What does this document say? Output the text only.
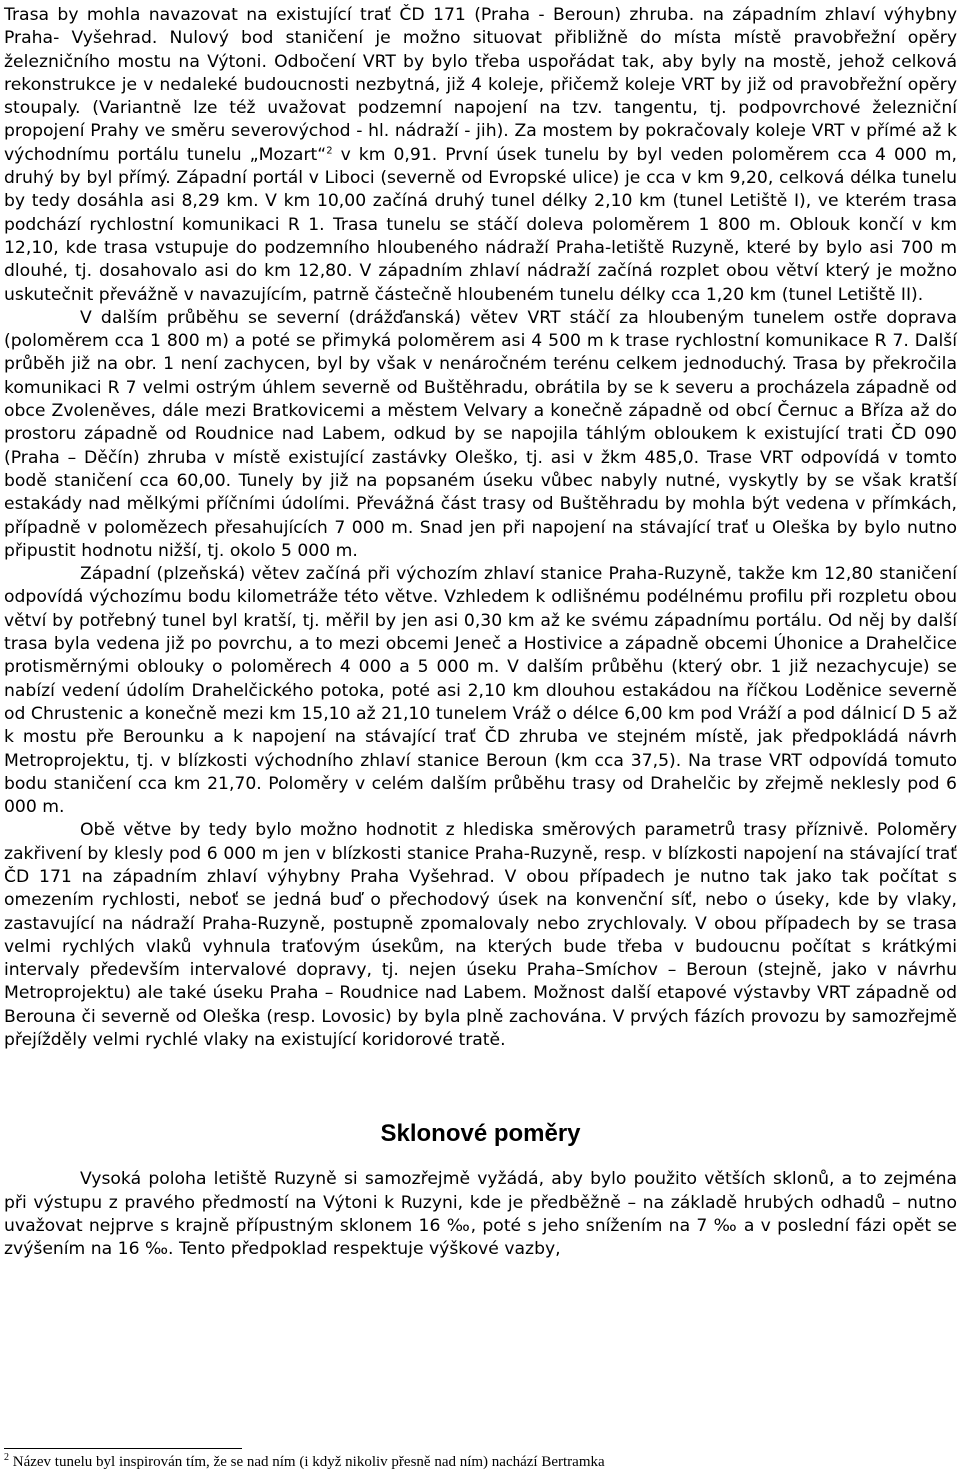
Trasa by mohla navazovat na existující trať ČD 171 (Praha - Beroun) zhruba. na západním zhlaví výhybny Praha- Vyšehrad. Nulový bod staničení je možno situovat přibližně do místa místě pravobřežní opěry železničního mostu na Výtoni. Odbočení VRT by bylo třeba uspořádat tak, aby byly na mostě, jehož celková rekonstrukce je v nedaleké budoucnosti nezbytná, již 4 koleje, přičemž koleje VRT by již od pravobřežní opěry stoupaly. (Variantně lze též uvažovat podzemní napojení na tzv. tangentu, tj. podpovrchové železniční propojení Prahy ve směru severovýchod - hl. nádraží - jih). Za mostem by pokračovaly koleje VRT v přímé až k východnímu portálu tunelu „Mozart“$^2$ v km 0,91. První úsek tunelu by byl veden poloměrem cca 4 000 m, druhý by byl přímý. Západní portál v Liboci (severně od Evropské ulice) je cca v km 9,20, celková délka tunelu by tedy dosáhla asi 8,29 km. V km 10,00 začíná druhý tunel délky 2,10 km (tunel Letiště I), ve kterém trasa podchází rychlostní komunikaci R 1. Trasa tunelu se stáčí doleva poloměrem 1 800 m. Oblouk končí v km 12,10, kde trasa vstupuje do podzemního hloubeného nádraží Praha-letiště Ruzyně, které by bylo asi 700 m dlouhé, tj. dosahovalo asi do km 12,80. V západním zhlaví nádraží začíná rozplet obou větví který je možno uskutečnit převážně v navazujícím, patrně částečně hloubeném tunelu délky cca 1,20 km (tunel Letiště II).

V dalším průběhu se severní (drážďanská) větev VRT stáčí za hloubeným tunelem ostře doprava (poloměrem cca 1 800 m) a poté se přimyká poloměrem asi 4 500 m k trase rychlostní komunikace R 7. Další průběh již na obr. 1 není zachycen, byl by však v nenáročném terénu celkem jednoduchý. Trasa by překročila komunikaci R 7 velmi ostrým úhlem severně od Buštěhradu, obrátila by se k severu a procházela západně od obce Zvoleněves, dále mezi Bratkovicemi a městem Velvary a konečně západně od obcí Černuc a Bříza až do prostoru západně od Roudnice nad Labem, odkud by se napojila táhlým obloukem k existující trati ČD 090 (Praha – Děčín) zhruba v místě existující zastávky Oleško, tj. asi v žkm 485,0. Trase VRT odpovídá v tomto bodě staničení cca 60,00. Tunely by již na popsaném úseku vůbec nabyly nutné, vyskytly by se však kratší estakády nad mělkými příčními údolími. Převážná část trasy od Buštěhradu by mohla být vedena v přímkách, případně v polomězech přesahujících 7 000 m. Snad jen při napojení na stávající trať u Oleška by bylo nutno připustit hodnotu nižší, tj. okolo 5 000 m.

Západní (plzeňská) větev začíná při výchozím zhlaví stanice Praha-Ruzyně, takže km 12,80 staničení odpovídá výchozímu bodu kilometráže této větve. Vzhledem k odlišnému podélnému profilu při rozpletu obou větví by potřebný tunel byl kratší, tj. měřil by jen asi 0,30 km až ke svému západnímu portálu. Od něj by další trasa byla vedena již po povrchu, a to mezi obcemi Jeneč a Hostivice a západně obcemi Úhonice a Drahelčice protisměrnými oblouky o poloměrech 4 000 a 5 000 m. V dalším průběhu (který obr. 1 již nezachycuje) se nabízí vedení údolím Drahelčického potoka, poté asi 2,10 km dlouhou estakádou na říčkou Loděnice severně od Chrustenic a konečně mezi km 15,10 až 21,10 tunelem Vráž o délce 6,00 km pod Vráží a pod dálnicí D 5 až k mostu pře Berounku a k napojení na stávající trať ČD zhruba ve stejném místě, jak předpokládá návrh Metroprojektu, tj. v blízkosti východního zhlaví stanice Beroun (km cca 37,5). Na trase VRT odpovídá tomuto bodu staničení cca km 21,70. Poloměry v celém dalším průběhu trasy od Drahelčic by zřejmě neklesly pod 6 000 m.

Obě větve by tedy bylo možno hodnotit z hlediska směrových parametrů trasy příznivě. Poloměry zakřivení by klesly pod 6 000 m jen v blízkosti stanice Praha-Ruzyně, resp. v blízkosti napojení na stávající trať ČD 171 na západním zhlaví výhybny Praha Vyšehrad. V obou případech je nutno tak jako tak počítat s omezením rychlosti, neboť se jedná buď o přechodový úsek na konvenční síť, nebo o úseky, kde by vlaky, zastavující na nádraží Praha-Ruzyně, postupně zpomalovaly nebo zrychlovaly. V obou případech by se trasa velmi rychlých vlaků vyhnula traťovým úsekům, na kterých bude třeba v budoucnu počítat s krátkými intervaly především intervalové dopravy, tj. nejen úseku Praha–Smíchov – Beroun (stejně, jako v návrhu Metroprojektu) ale také úseku Praha – Roudnice nad Labem. Možnost další etapové výstavby VRT západně od Berouna či severně od Oleška (resp. Lovosic) by byla plně zachována. V prvých fázích provozu by samozřejmě přejížděly velmi rychlé vlaky na existující koridorové tratě.

Sklonové poměry

Vysoká poloha letiště Ruzyně si samozřejmě vyžádá, aby bylo použito větších sklonů, a to zejména při výstupu z pravého předmostí na Výtoni k Ruzyni, kde je předběžně – na základě hrubých odhadů – nutno uvažovat nejprve s krajně přípustným sklonem 16 ‰, poté s jeho snížením na 7 ‰ a v poslední fázi opět se zvýšením na 16 ‰. Tento předpoklad respektuje výškové vazby,

$^2$ Název tunelu byl inspirován tím, že se nad ním (i když nikoliv přesně nad ním) nachází Bertramka
